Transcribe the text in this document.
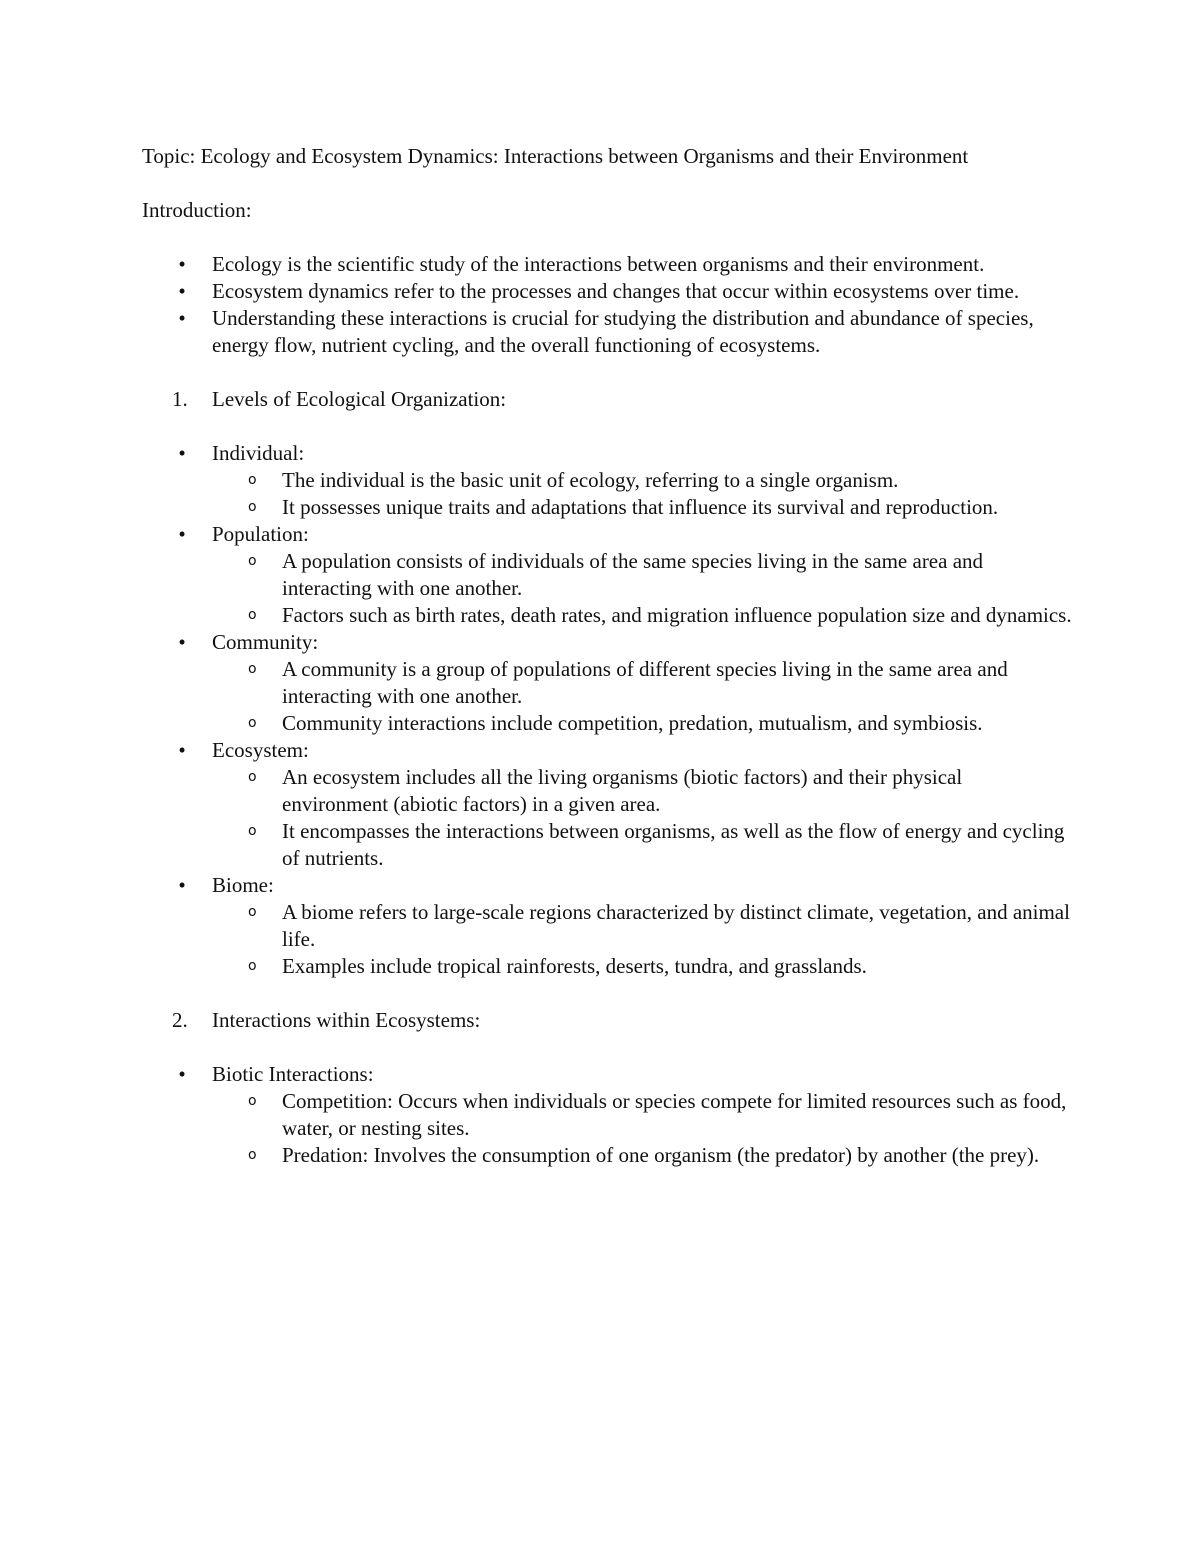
Topic: Ecology and Ecosystem Dynamics: Interactions between Organisms and their Environment

Introduction:

•	Ecology is the scientific study of the interactions between organisms and their environment.
•	Ecosystem dynamics refer to the processes and changes that occur within ecosystems over time.
•	Understanding these interactions is crucial for studying the distribution and abundance of species, energy flow, nutrient cycling, and the overall functioning of ecosystems.
1. Levels of Ecological Organization:
•	Individual:
o The individual is the basic unit of ecology, referring to a single organism.
o It possesses unique traits and adaptations that influence its survival and reproduction.
•	Population:
o A population consists of individuals of the same species living in the same area and interacting with one another.
o Factors such as birth rates, death rates, and migration influence population size and dynamics.
•	Community:
o A community is a group of populations of different species living in the same area and interacting with one another.
o Community interactions include competition, predation, mutualism, and symbiosis.
•	Ecosystem:
o An ecosystem includes all the living organisms (biotic factors) and their physical environment (abiotic factors) in a given area.
o It encompasses the interactions between organisms, as well as the flow of energy and cycling of nutrients.
•	Biome:
o A biome refers to large-scale regions characterized by distinct climate, vegetation, and animal life.
o Examples include tropical rainforests, deserts, tundra, and grasslands.
2. Interactions within Ecosystems:
•	Biotic Interactions:
o Competition: Occurs when individuals or species compete for limited resources such as food, water, or nesting sites.
o Predation: Involves the consumption of one organism (the predator) by another (the prey).
